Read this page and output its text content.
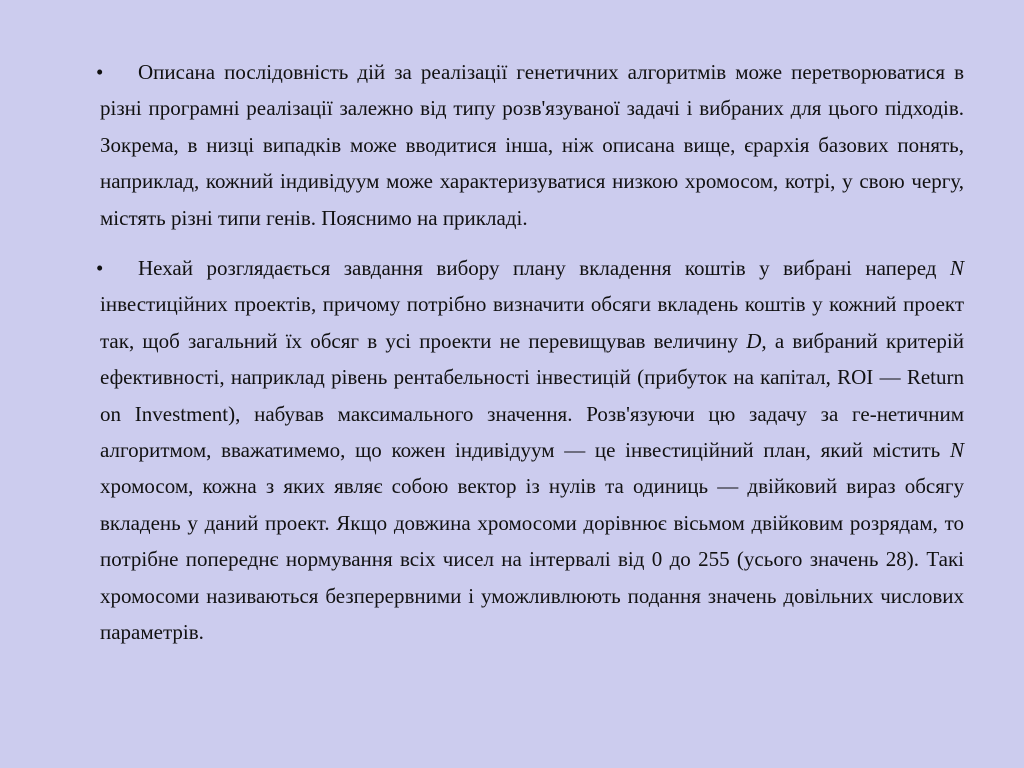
•	Описана послідовність дій за реалізації генетичних алгоритмів може перетворюватися в різні програмні реалізації залежно від типу розв'язуваної задачі і вибраних для цього підходів. Зокрема, в низці випадків може вводитися інша, ніж описана вище, єрархія базових понять, наприклад, кожний індивідуум може характеризуватися низкою хромосом, котрі, у свою чергу, містять різні типи генів. Пояснимо на прикладі.
•	Нехай розглядається завдання вибору плану вкладення коштів у вибрані наперед N інвестиційних проектів, причому потрібно визначити обсяги вкладень коштів у кожний проект так, щоб загальний їх обсяг в усі проекти не перевищував величину D, а вибраний критерій ефективності, наприклад рівень рентабельності інвестицій (прибуток на капітал, ROI — Return on Investment), набував максимального значення. Розв'язуючи цю задачу за ге-нетичним алгоритмом, вважатимемо, що кожен індивідуум — це інвестиційний план, який містить N хромосом, кожна з яких являє собою вектор із нулів та одиниць — двійковий вираз обсягу вкладень у даний проект. Якщо довжина хромосоми дорівнює вісьмом двійковим розрядам, то потрібне попереднє нормування всіх чисел на інтервалі від 0 до 255 (усього значень 28). Такі хромосоми називаються безперервними і уможливлюють подання значень довільних числових параметрів.
